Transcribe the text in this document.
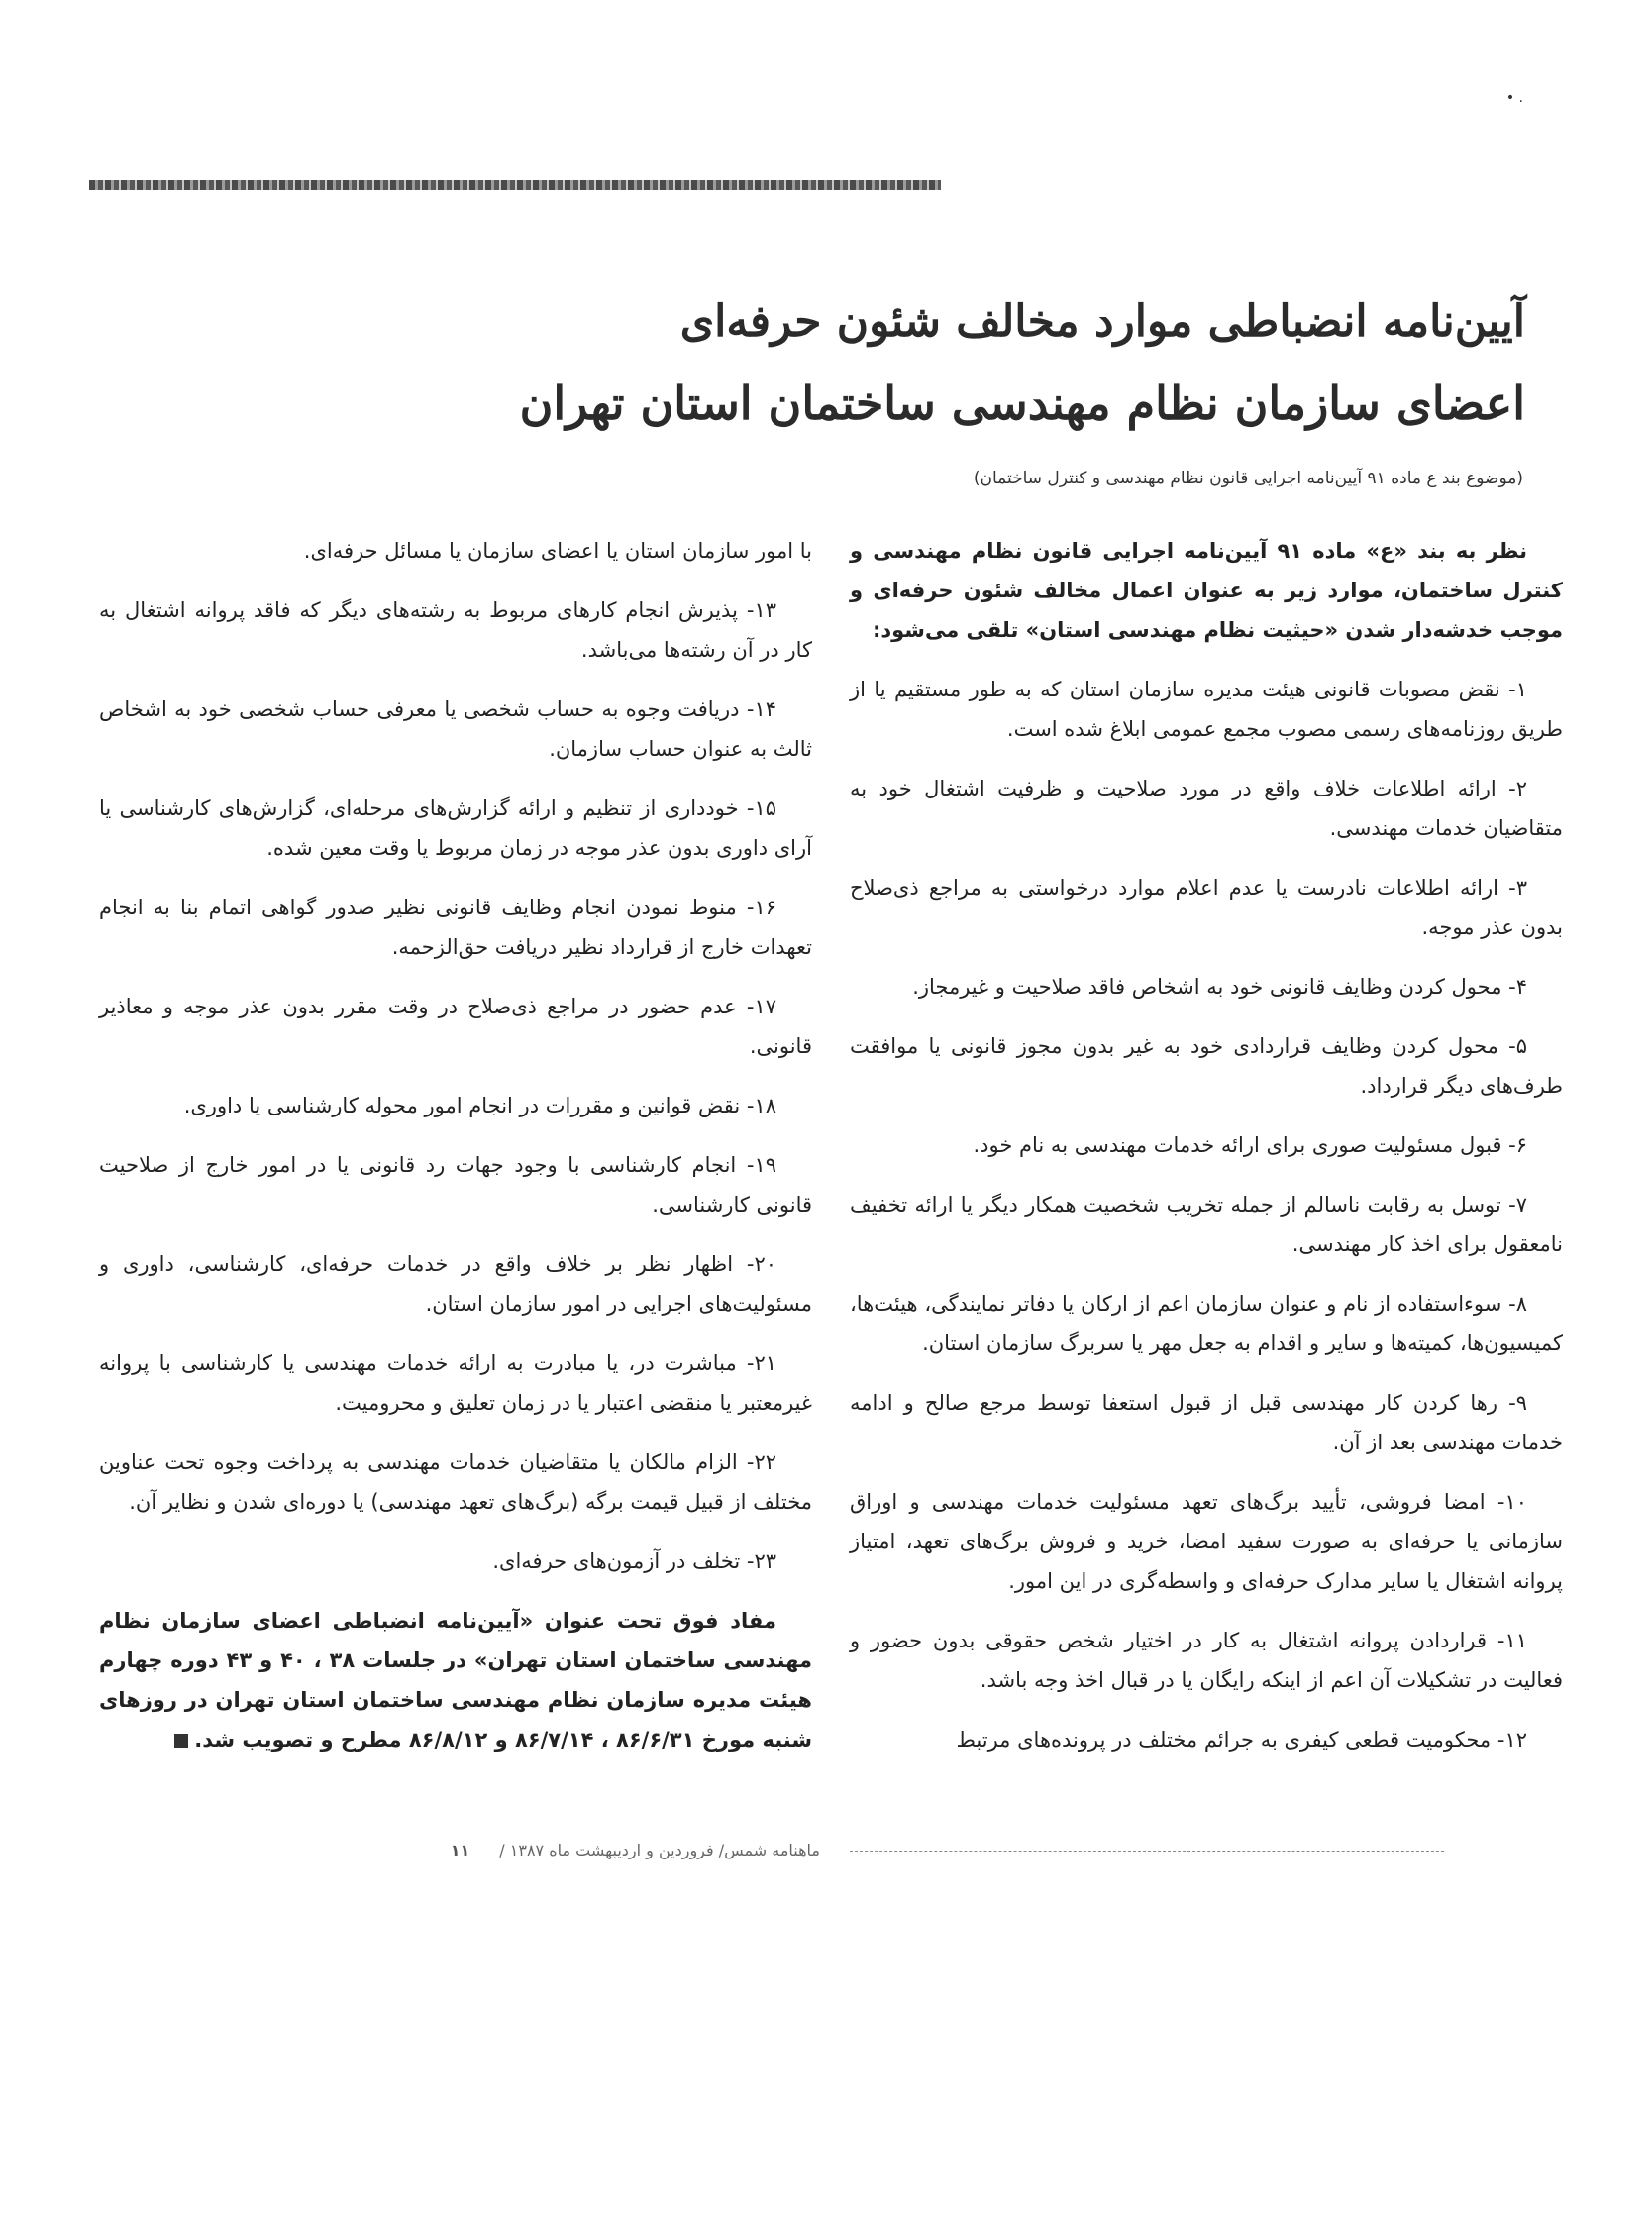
• .
آیین‌نامه انضباطی موارد مخالف شئون حرفه‌ای
اعضای سازمان نظام مهندسی ساختمان استان تهران
(موضوع بند ع ماده ۹۱ آیین‌نامه اجرایی قانون نظام مهندسی و کنترل ساختمان)

نظر به بند «ع» ماده ۹۱ آیین‌نامه اجرایی قانون نظام مهندسی و کنترل ساختمان، موارد زیر به عنوان اعمال مخالف شئون حرفه‌ای و موجب خدشه‌دار شدن «حیثیت نظام مهندسی استان» تلقی می‌شود:

۱- نقض مصوبات قانونی هیئت مدیره سازمان استان که به طور مستقیم یا از طریق روزنامه‌های رسمی مصوب مجمع عمومی ابلاغ شده است.

۲- ارائه اطلاعات خلاف واقع در مورد صلاحیت و ظرفیت اشتغال خود به متقاضیان خدمات مهندسی.

۳- ارائه اطلاعات نادرست یا عدم اعلام موارد درخواستی به مراجع ذی‌صلاح بدون عذر موجه.

۴- محول کردن وظایف قانونی خود به اشخاص فاقد صلاحیت و غیرمجاز.

۵- محول کردن وظایف قراردادی خود به غیر بدون مجوز قانونی یا موافقت طرف‌های دیگر قرارداد.

۶- قبول مسئولیت صوری برای ارائه خدمات مهندسی به نام خود.

۷- توسل به رقابت ناسالم از جمله تخریب شخصیت همکار دیگر یا ارائه تخفیف نامعقول برای اخذ کار مهندسی.

۸- سوءاستفاده از نام و عنوان سازمان اعم از ارکان یا دفاتر نمایندگی، هیئت‌ها، کمیسیون‌ها، کمیته‌ها و سایر و اقدام به جعل مهر یا سربرگ سازمان استان.

۹- رها کردن کار مهندسی قبل از قبول استعفا توسط مرجع صالح و ادامه خدمات مهندسی بعد از آن.

۱۰- امضا فروشی، تأیید برگ‌های تعهد مسئولیت خدمات مهندسی و اوراق سازمانی یا حرفه‌ای به صورت سفید امضا، خرید و فروش برگ‌های تعهد، امتیاز پروانه اشتغال یا سایر مدارک حرفه‌ای و واسطه‌گری در این امور.

۱۱- قراردادن پروانه اشتغال به کار در اختیار شخص حقوقی بدون حضور و فعالیت در تشکیلات آن اعم از اینکه رایگان یا در قبال اخذ وجه باشد.

۱۲- محکومیت قطعی کیفری به جرائم مختلف در پرونده‌های مرتبط

با امور سازمان استان یا اعضای سازمان یا مسائل حرفه‌ای.

۱۳- پذیرش انجام کارهای مربوط به رشته‌های دیگر که فاقد پروانه اشتغال به کار در آن رشته‌ها می‌باشد.

۱۴- دریافت وجوه به حساب شخصی یا معرفی حساب شخصی خود به اشخاص ثالث به عنوان حساب سازمان.

۱۵- خودداری از تنظیم و ارائه گزارش‌های مرحله‌ای، گزارش‌های کارشناسی یا آرای داوری بدون عذر موجه در زمان مربوط یا وقت معین شده.

۱۶- منوط نمودن انجام وظایف قانونی نظیر صدور گواهی اتمام بنا به انجام تعهدات خارج از قرارداد نظیر دریافت حق‌الزحمه.

۱۷- عدم حضور در مراجع ذی‌صلاح در وقت مقرر بدون عذر موجه و معاذیر قانونی.

۱۸- نقض قوانین و مقررات در انجام امور محوله کارشناسی یا داوری.

۱۹- انجام کارشناسی با وجود جهات رد قانونی یا در امور خارج از صلاحیت قانونی کارشناسی.

۲۰- اظهار نظر بر خلاف واقع در خدمات حرفه‌ای، کارشناسی، داوری و مسئولیت‌های اجرایی در امور سازمان استان.

۲۱- مباشرت در، یا مبادرت به ارائه خدمات مهندسی یا کارشناسی با پروانه غیرمعتبر یا منقضی اعتبار یا در زمان تعلیق و محرومیت.

۲۲- الزام مالکان یا متقاضیان خدمات مهندسی به پرداخت وجوه تحت عناوین مختلف از قبیل قیمت برگه (برگ‌های تعهد مهندسی) یا دوره‌ای شدن و نظایر آن.

۲۳- تخلف در آزمون‌های حرفه‌ای.

مفاد فوق تحت عنوان «آیین‌نامه انضباطی اعضای سازمان نظام مهندسی ساختمان استان تهران» در جلسات ۳۸ ، ۴۰ و ۴۳ دوره چهارم هیئت مدیره سازمان نظام مهندسی ساختمان استان تهران در روزهای شنبه مورخ ۸۶/۶/۳۱ ، ۸۶/۷/۱۴ و ۸۶/۸/۱۲ مطرح و تصویب شد.

ماهنامه شمس/ فروردین و اردیبهشت ماه ۱۳۸۷ /
۱۱
